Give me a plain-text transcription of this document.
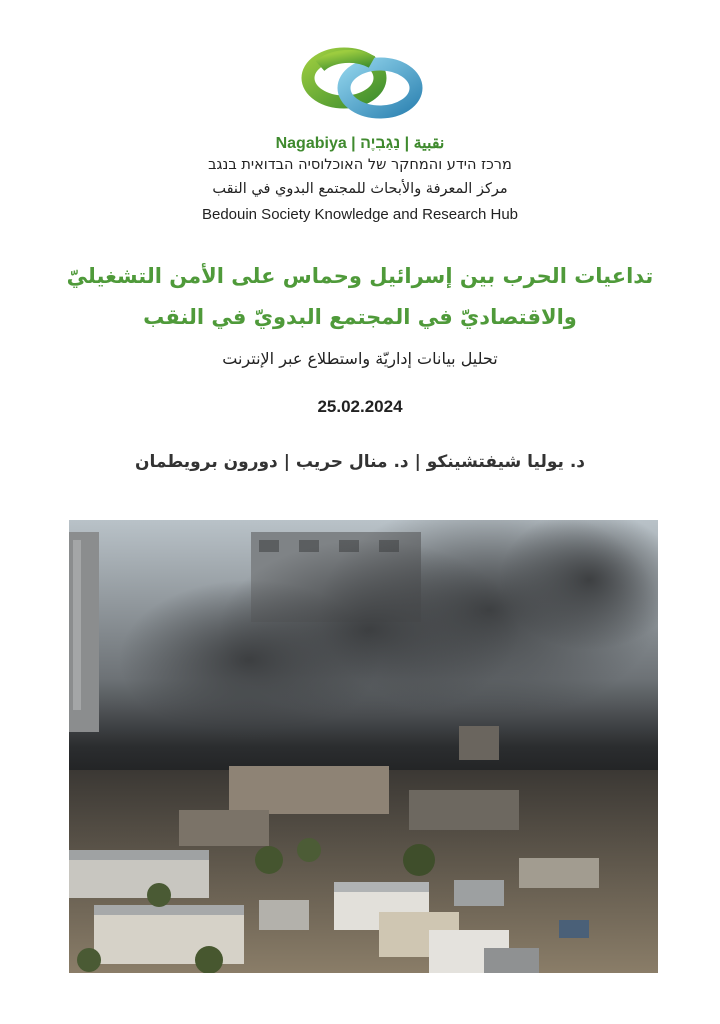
Nagabiya | نقبية | נַגַבִיֶה
מרכז הידע והמחקר של האוכלוסיה הבדואית בנגב
مركز المعرفة والأبحاث للمجتمع البدوي في النقب
Bedouin Society Knowledge and Research Hub
تداعيات الحرب بين إسرائيل وحماس على الأمن التشغيليّ
والاقتصاديّ في المجتمع البدويّ في النقب
تحليل بيانات إداريّة واستطلاع عبر الإنترنت
25.02.2024
د. يوليا شيفتشينكو | د. منال حريب | دورون برويطمان
